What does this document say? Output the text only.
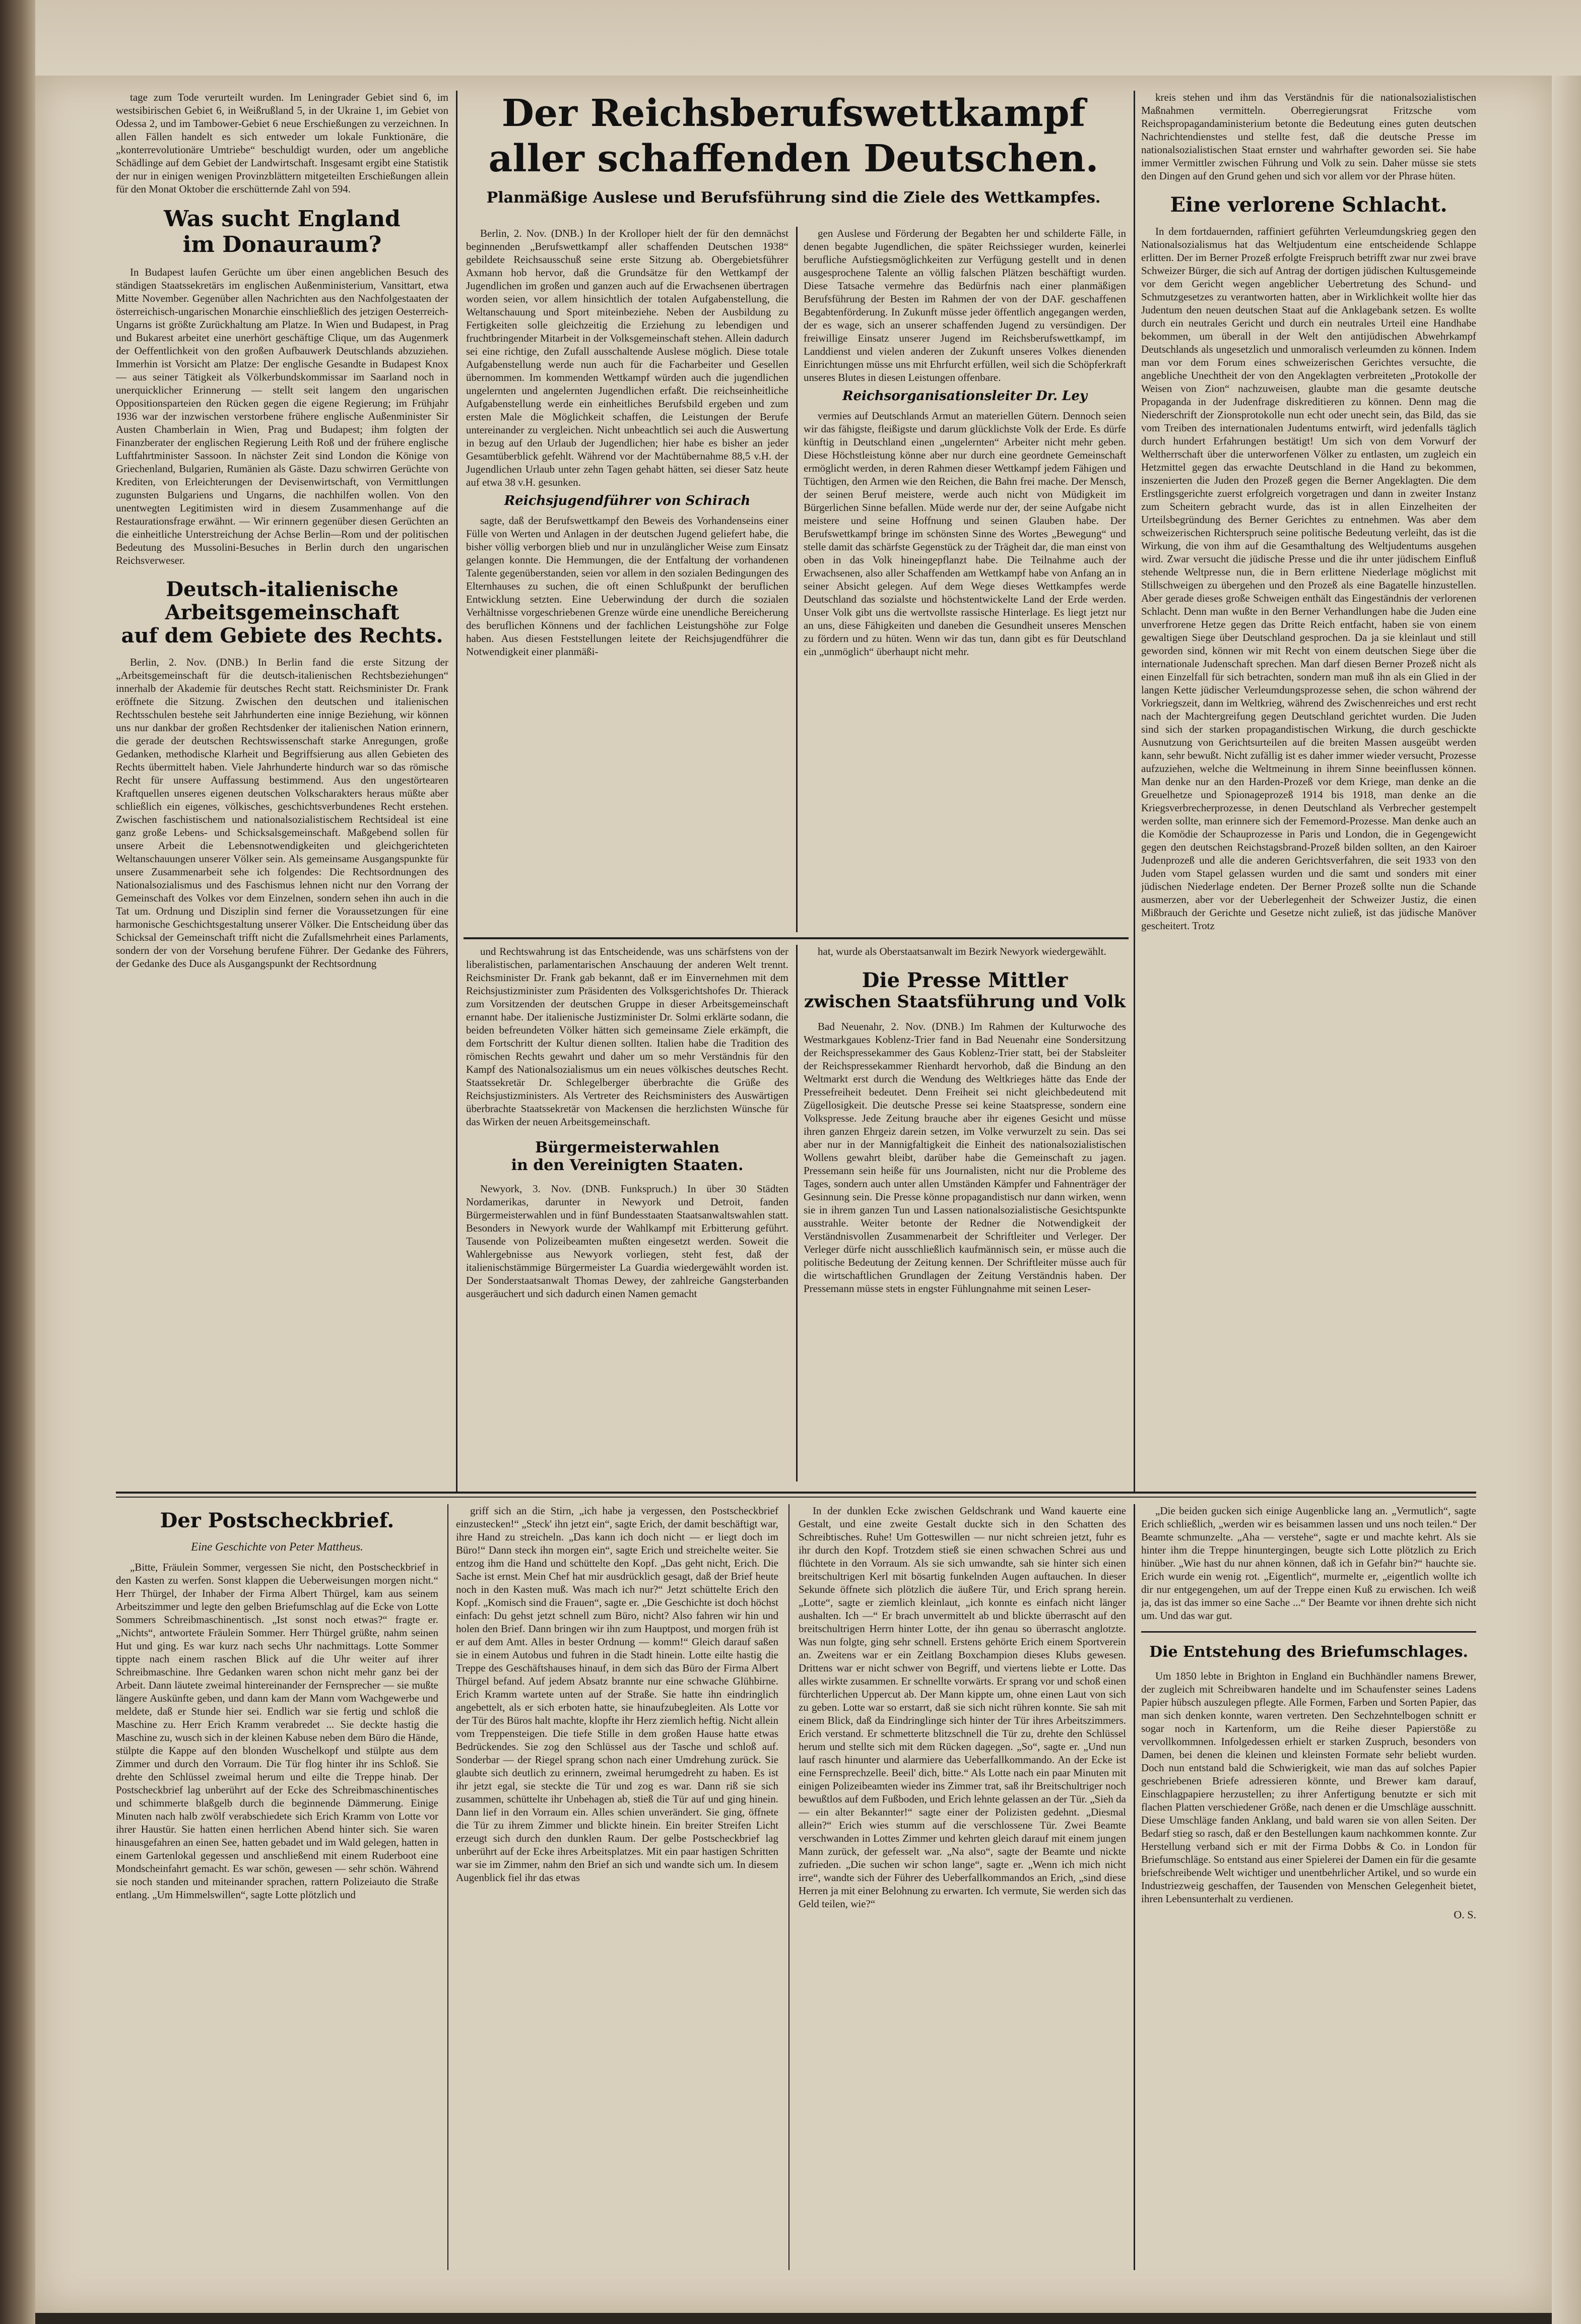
Der Reichsberufswettkampf
aller schaffenden Deutschen.
Planmäßige Auslese und Berufsführung sind die Ziele des Wettkampfes.

tage zum Tode verurteilt wurden. Im Leningrader Gebiet sind 6, im westsibirischen Gebiet 6, in Weißrußland 5, in der Ukraine 1, im Gebiet von Odessa 2, und im Tambower-Gebiet 6 neue Erschießungen zu verzeichnen. In allen Fällen handelt es sich entweder um lokale Funktionäre, die „konterrevolutionäre Umtriebe“ beschuldigt wurden, oder um angebliche Schädlinge auf dem Gebiet der Landwirtschaft. Insgesamt ergibt eine Statistik der nur in einigen wenigen Provinzblättern mitgeteilten Erschießungen allein für den Monat Oktober die erschütternde Zahl von 594.

Was sucht England
im Donauraum?

In Budapest laufen Gerüchte um über einen angeblichen Besuch des ständigen Staatssekretärs im englischen Außenministerium, Vansittart, etwa Mitte November. Gegenüber allen Nachrichten aus den Nachfolgestaaten der österreichisch-ungarischen Monarchie einschließlich des jetzigen Oesterreich-Ungarns ist größte Zurückhaltung am Platze. In Wien und Budapest, in Prag und Bukarest arbeitet eine unerhört geschäftige Clique, um das Augenmerk der Oeffentlichkeit von den großen Aufbauwerk Deutschlands abzuziehen. Immerhin ist Vorsicht am Platze: Der englische Gesandte in Budapest Knox — aus seiner Tätigkeit als Völkerbundskommissar im Saarland noch in unerquicklicher Erinnerung — stellt seit langem den ungarischen Oppositionsparteien den Rücken gegen die eigene Regierung; im Frühjahr 1936 war der inzwischen verstorbene frühere englische Außenminister Sir Austen Chamberlain in Wien, Prag und Budapest; ihm folgten der Finanzberater der englischen Regierung Leith Roß und der frühere englische Luftfahrtminister Sassoon. In nächster Zeit sind London die Könige von Griechenland, Bulgarien, Rumänien als Gäste. Dazu schwirren Gerüchte von Krediten, von Erleichterungen der Devisenwirtschaft, von Vermittlungen zugunsten Bulgariens und Ungarns, die nachhilfen wollen. Von den unentwegten Legitimisten wird in diesem Zusammenhange auf die Restaurationsfrage erwähnt. — Wir erinnern gegenüber diesen Gerüchten an die einheitliche Unterstreichung der Achse Berlin—Rom und der politischen Bedeutung des Mussolini-Besuches in Berlin durch den ungarischen Reichsverweser.

Deutsch-italienische
Arbeitsgemeinschaft
auf dem Gebiete des Rechts.

Berlin, 2. Nov. (DNB.) In Berlin fand die erste Sitzung der „Arbeitsgemeinschaft für die deutsch-italienischen Rechtsbeziehungen“ innerhalb der Akademie für deutsches Recht statt. Reichsminister Dr. Frank eröffnete die Sitzung. Zwischen den deutschen und italienischen Rechtsschulen bestehe seit Jahrhunderten eine innige Beziehung, wir können uns nur dankbar der großen Rechtsdenker der italienischen Nation erinnern, die gerade der deutschen Rechtswissenschaft starke Anregungen, große Gedanken, methodische Klarheit und Begriffsierung aus allen Gebieten des Rechts übermittelt haben. Viele Jahrhunderte hindurch war so das römische Recht für unsere Auffassung bestimmend. Aus den ungestörtearen Kraftquellen unseres eigenen deutschen Volkscharakters heraus müßte aber schließlich ein eigenes, völkisches, geschichtsverbundenes Recht erstehen. Zwischen faschistischem und nationalsozialistischem Rechtsideal ist eine ganz große Lebens- und Schicksalsgemeinschaft. Maßgebend sollen für unsere Arbeit die Lebensnotwendigkeiten und gleichgerichteten Weltanschauungen unserer Völker sein. Als gemeinsame Ausgangspunkte für unsere Zusammenarbeit sehe ich folgendes: Die Rechtsordnungen des Nationalsozialismus und des Faschismus lehnen nicht nur den Vorrang der Gemeinschaft des Volkes vor dem Einzelnen, sondern sehen ihn auch in die Tat um. Ordnung und Disziplin sind ferner die Voraussetzungen für eine harmonische Geschichtsgestaltung unserer Völker. Die Entscheidung über das Schicksal der Gemeinschaft trifft nicht die Zufallsmehrheit eines Parlaments, sondern der von der Vorsehung berufene Führer. Der Gedanke des Führers, der Gedanke des Duce als Ausgangspunkt der Rechtsordnung

Berlin, 2. Nov. (DNB.) In der Krolloper hielt der für den demnächst beginnenden „Berufswettkampf aller schaffenden Deutschen 1938“ gebildete Reichsausschuß seine erste Sitzung ab. Obergebietsführer Axmann hob hervor, daß die Grundsätze für den Wettkampf der Jugendlichen im großen und ganzen auch auf die Erwachsenen übertragen worden seien, vor allem hinsichtlich der totalen Aufgabenstellung, die Weltanschauung und Sport miteinbeziehe. Neben der Ausbildung zu Fertigkeiten solle gleichzeitig die Erziehung zu lebendigen und fruchtbringender Mitarbeit in der Volksgemeinschaft stehen. Allein dadurch sei eine richtige, den Zufall ausschaltende Auslese möglich. Diese totale Aufgabenstellung werde nun auch für die Facharbeiter und Gesellen übernommen. Im kommenden Wettkampf würden auch die jugendlichen ungelernten und angelernten Jugendlichen erfaßt. Die reichseinheitliche Aufgabenstellung werde ein einheitliches Berufsbild ergeben und zum ersten Male die Möglichkeit schaffen, die Leistungen der Berufe untereinander zu vergleichen. Nicht unbeachtlich sei auch die Auswertung in bezug auf den Urlaub der Jugendlichen; hier habe es bisher an jeder Gesamtüberblick gefehlt. Während vor der Machtübernahme 88,5 v.H. der Jugendlichen Urlaub unter zehn Tagen gehabt hätten, sei dieser Satz heute auf etwa 38 v.H. gesunken.

Reichsjugendführer von Schirach

sagte, daß der Berufswettkampf den Beweis des Vorhandenseins einer Fülle von Werten und Anlagen in der deutschen Jugend geliefert habe, die bisher völlig verborgen blieb und nur in unzulänglicher Weise zum Einsatz gelangen konnte. Die Hemmungen, die der Entfaltung der vorhandenen Talente gegenüberstanden, seien vor allem in den sozialen Bedingungen des Elternhauses zu suchen, die oft einen Schlußpunkt der beruflichen Entwicklung setzten. Eine Ueberwindung der durch die sozialen Verhältnisse vorgeschriebenen Grenze würde eine unendliche Bereicherung des beruflichen Könnens und der fachlichen Leistungshöhe zur Folge haben. Aus diesen Feststellungen leitete der Reichsjugendführer die Notwendigkeit einer planmäßi-

gen Auslese und Förderung der Begabten her und schilderte Fälle, in denen begabte Jugendlichen, die später Reichssieger wurden, keinerlei berufliche Aufstiegsmöglichkeiten zur Verfügung gestellt und in denen ausgesprochene Talente an völlig falschen Plätzen beschäftigt wurden. Diese Tatsache vermehre das Bedürfnis nach einer planmäßigen Berufsführung der Besten im Rahmen der von der DAF. geschaffenen Begabtenförderung. In Zukunft müsse jeder öffentlich angegangen werden, der es wage, sich an unserer schaffenden Jugend zu versündigen. Der freiwillige Einsatz unserer Jugend im Reichsberufswettkampf, im Landdienst und vielen anderen der Zukunft unseres Volkes dienenden Einrichtungen müsse uns mit Ehrfurcht erfüllen, weil sich die Schöpferkraft unseres Blutes in diesen Leistungen offenbare.

Reichsorganisationsleiter Dr. Ley

vermies auf Deutschlands Armut an materiellen Gütern. Dennoch seien wir das fähigste, fleißigste und darum glücklichste Volk der Erde. Es dürfe künftig in Deutschland einen „ungelernten“ Arbeiter nicht mehr geben. Diese Höchstleistung könne aber nur durch eine geordnete Gemeinschaft ermöglicht werden, in deren Rahmen dieser Wettkampf jedem Fähigen und Tüchtigen, den Armen wie den Reichen, die Bahn frei mache. Der Mensch, der seinen Beruf meistere, werde auch nicht von Müdigkeit im Bürgerlichen Sinne befallen. Müde werde nur der, der seine Aufgabe nicht meistere und seine Hoffnung und seinen Glauben habe. Der Berufswettkampf bringe im schönsten Sinne des Wortes „Bewegung“ und stelle damit das schärfste Gegenstück zu der Trägheit dar, die man einst von oben in das Volk hineingepflanzt habe. Die Teilnahme auch der Erwachsenen, also aller Schaffenden am Wettkampf habe von Anfang an in seiner Absicht gelegen. Auf dem Wege dieses Wettkampfes werde Deutschland das sozialste und höchstentwickelte Land der Erde werden. Unser Volk gibt uns die wertvollste rassische Hinterlage. Es liegt jetzt nur an uns, diese Fähigkeiten und daneben die Gesundheit unseres Menschen zu fördern und zu hüten. Wenn wir das tun, dann gibt es für Deutschland ein „unmöglich“ überhaupt nicht mehr.

und Rechtswahrung ist das Entscheidende, was uns schärfstens von der liberalistischen, parlamentarischen Anschauung der anderen Welt trennt. Reichsminister Dr. Frank gab bekannt, daß er im Einvernehmen mit dem Reichsjustizminister zum Präsidenten des Volksgerichtshofes Dr. Thierack zum Vorsitzenden der deutschen Gruppe in dieser Arbeitsgemeinschaft ernannt habe. Der italienische Justizminister Dr. Solmi erklärte sodann, die beiden befreundeten Völker hätten sich gemeinsame Ziele erkämpft, die dem Fortschritt der Kultur dienen sollten. Italien habe die Tradition des römischen Rechts gewahrt und daher um so mehr Verständnis für den Kampf des Nationalsozialismus um ein neues völkisches deutsches Recht. Staatssekretär Dr. Schlegelberger überbrachte die Grüße des Reichsjustizministers. Als Vertreter des Reichsministers des Auswärtigen überbrachte Staatssekretär von Mackensen die herzlichsten Wünsche für das Wirken der neuen Arbeitsgemeinschaft.

Bürgermeisterwahlen
in den Vereinigten Staaten.

Newyork, 3. Nov. (DNB. Funkspruch.) In über 30 Städten Nordamerikas, darunter in Newyork und Detroit, fanden Bürgermeisterwahlen und in fünf Bundesstaaten Staatsanwaltswahlen statt. Besonders in Newyork wurde der Wahlkampf mit Erbitterung geführt. Tausende von Polizeibeamten mußten eingesetzt werden. Soweit die Wahlergebnisse aus Newyork vorliegen, steht fest, daß der italienischstämmige Bürgermeister La Guardia wiedergewählt worden ist. Der Sonderstaatsanwalt Thomas Dewey, der zahlreiche Gangsterbanden ausgeräuchert und sich dadurch einen Namen gemacht

hat, wurde als Oberstaatsanwalt im Bezirk Newyork wiedergewählt.

Die Presse Mittler
zwischen Staatsführung und Volk

Bad Neuenahr, 2. Nov. (DNB.) Im Rahmen der Kulturwoche des Westmarkgaues Koblenz-Trier fand in Bad Neuenahr eine Sondersitzung der Reichspressekammer des Gaus Koblenz-Trier statt, bei der Stabsleiter der Reichspressekammer Rienhardt hervorhob, daß die Bindung an den Weltmarkt erst durch die Wendung des Weltkrieges hätte das Ende der Pressefreiheit bedeutet. Denn Freiheit sei nicht gleichbedeutend mit Zügellosigkeit. Die deutsche Presse sei keine Staatspresse, sondern eine Volkspresse. Jede Zeitung brauche aber ihr eigenes Gesicht und müsse ihren ganzen Ehrgeiz darein setzen, im Volke verwurzelt zu sein. Das sei aber nur in der Mannigfaltigkeit die Einheit des nationalsozialistischen Wollens gewahrt bleibt, darüber habe die Gemeinschaft zu jagen. Pressemann sein heiße für uns Journalisten, nicht nur die Probleme des Tages, sondern auch unter allen Umständen Kämpfer und Fahnenträger der Gesinnung sein. Die Presse könne propagandistisch nur dann wirken, wenn sie in ihrem ganzen Tun und Lassen nationalsozialistische Gesichtspunkte ausstrahle. Weiter betonte der Redner die Notwendigkeit der Verständnisvollen Zusammenarbeit der Schriftleiter und Verleger. Der Verleger dürfe nicht ausschließlich kaufmännisch sein, er müsse auch die politische Bedeutung der Zeitung kennen. Der Schriftleiter müsse auch für die wirtschaftlichen Grundlagen der Zeitung Verständnis haben. Der Pressemann müsse stets in engster Fühlungnahme mit seinen Leser-

kreis stehen und ihm das Verständnis für die nationalsozialistischen Maßnahmen vermitteln. Oberregierungsrat Fritzsche vom Reichspropagandaministerium betonte die Bedeutung eines guten deutschen Nachrichtendienstes und stellte fest, daß die deutsche Presse im nationalsozialistischen Staat ernster und wahrhafter geworden sei. Sie habe immer Vermittler zwischen Führung und Volk zu sein. Daher müsse sie stets den Dingen auf den Grund gehen und sich vor allem vor der Phrase hüten.

Eine verlorene Schlacht.

In dem fortdauernden, raffiniert geführten Verleumdungskrieg gegen den Nationalsozialismus hat das Weltjudentum eine entscheidende Schlappe erlitten. Der im Berner Prozeß erfolgte Freispruch betrifft zwar nur zwei brave Schweizer Bürger, die sich auf Antrag der dortigen jüdischen Kultusgemeinde vor dem Gericht wegen angeblicher Uebertretung des Schund- und Schmutzgesetzes zu verantworten hatten, aber in Wirklichkeit wollte hier das Judentum den neuen deutschen Staat auf die Anklagebank setzen. Es wollte durch ein neutrales Gericht und durch ein neutrales Urteil eine Handhabe bekommen, um überall in der Welt den antijüdischen Abwehrkampf Deutschlands als ungesetzlich und unmoralisch verleumden zu können. Indem man vor dem Forum eines schweizerischen Gerichtes versuchte, die angebliche Unechtheit der von den Angeklagten verbreiteten „Protokolle der Weisen von Zion“ nachzuweisen, glaubte man die gesamte deutsche Propaganda in der Judenfrage diskreditieren zu können. Denn mag die Niederschrift der Zionsprotokolle nun echt oder unecht sein, das Bild, das sie vom Treiben des internationalen Judentums entwirft, wird jedenfalls täglich durch hundert Erfahrungen bestätigt! Um sich von dem Vorwurf der Weltherrschaft über die unterworfenen Völker zu entlasten, um zugleich ein Hetzmittel gegen das erwachte Deutschland in die Hand zu bekommen, inszenierten die Juden den Prozeß gegen die Berner Angeklagten. Die dem Erstlingsgerichte zuerst erfolgreich vorgetragen und dann in zweiter Instanz zum Scheitern gebracht wurde, das ist in allen Einzelheiten der Urteilsbegründung des Berner Gerichtes zu entnehmen. Was aber dem schweizerischen Richterspruch seine politische Bedeutung verleiht, das ist die Wirkung, die von ihm auf die Gesamthaltung des Weltjudentums ausgehen wird. Zwar versucht die jüdische Presse und die ihr unter jüdischem Einfluß stehende Weltpresse nun, die in Bern erlittene Niederlage möglichst mit Stillschweigen zu übergehen und den Prozeß als eine Bagatelle hinzustellen. Aber gerade dieses große Schweigen enthält das Eingeständnis der verlorenen Schlacht. Denn man wußte in den Berner Verhandlungen habe die Juden eine unverfrorene Hetze gegen das Dritte Reich entfacht, haben sie von einem gewaltigen Siege über Deutschland gesprochen. Da ja sie kleinlaut und still geworden sind, können wir mit Recht von einem deutschen Siege über die internationale Judenschaft sprechen. Man darf diesen Berner Prozeß nicht als einen Einzelfall für sich betrachten, sondern man muß ihn als ein Glied in der langen Kette jüdischer Verleumdungsprozesse sehen, die schon während der Vorkriegszeit, dann im Weltkrieg, während des Zwischenreiches und erst recht nach der Machtergreifung gegen Deutschland gerichtet wurden. Die Juden sind sich der starken propagandistischen Wirkung, die durch geschickte Ausnutzung von Gerichtsurteilen auf die breiten Massen ausgeübt werden kann, sehr bewußt. Nicht zufällig ist es daher immer wieder versucht, Prozesse aufzuziehen, welche die Weltmeinung in ihrem Sinne beeinflussen können. Man denke nur an den Harden-Prozeß vor dem Kriege, man denke an die Greuelhetze und Spionageprozeß 1914 bis 1918, man denke an die Kriegsverbrecherprozesse, in denen Deutschland als Verbrecher gestempelt werden sollte, man erinnere sich der Fememord-Prozesse. Man denke auch an die Komödie der Schauprozesse in Paris und London, die in Gegengewicht gegen den deutschen Reichstagsbrand-Prozeß bilden sollten, an den Kairoer Judenprozeß und alle die anderen Gerichtsverfahren, die seit 1933 von den Juden vom Stapel gelassen wurden und die samt und sonders mit einer jüdischen Niederlage endeten. Der Berner Prozeß sollte nun die Schande ausmerzen, aber vor der Ueberlegenheit der Schweizer Justiz, die einen Mißbrauch der Gerichte und Gesetze nicht zuließ, ist das jüdische Manöver gescheitert. Trotz

Der Postscheckbrief.
Eine Geschichte von Peter Mattheus.

„Bitte, Fräulein Sommer, vergessen Sie nicht, den Postscheckbrief in den Kasten zu werfen. Sonst klappen die Ueberweisungen morgen nicht.“ Herr Thürgel, der Inhaber der Firma Albert Thürgel, kam aus seinem Arbeitszimmer und legte den gelben Briefumschlag auf die Ecke von Lotte Sommers Schreibmaschinentisch. „Ist sonst noch etwas?“ fragte er. „Nichts“, antwortete Fräulein Sommer. Herr Thürgel grüßte, nahm seinen Hut und ging. Es war kurz nach sechs Uhr nachmittags. Lotte Sommer tippte nach einem raschen Blick auf die Uhr weiter auf ihrer Schreibmaschine. Ihre Gedanken waren schon nicht mehr ganz bei der Arbeit. Dann läutete zweimal hintereinander der Fernsprecher — sie mußte längere Auskünfte geben, und dann kam der Mann vom Wachgewerbe und meldete, daß er Stunde hier sei. Endlich war sie fertig und schloß die Maschine zu. Herr Erich Kramm verabredet ... Sie deckte hastig die Maschine zu, wusch sich in der kleinen Kabuse neben dem Büro die Hände, stülpte die Kappe auf den blonden Wuschelkopf und stülpte aus dem Zimmer und durch den Vorraum. Die Tür flog hinter ihr ins Schloß. Sie drehte den Schlüssel zweimal herum und eilte die Treppe hinab. Der Postscheckbrief lag unberührt auf der Ecke des Schreibmaschinentisches und schimmerte blaßgelb durch die beginnende Dämmerung. Einige Minuten nach halb zwölf verabschiedete sich Erich Kramm von Lotte vor ihrer Haustür. Sie hatten einen herrlichen Abend hinter sich. Sie waren hinausgefahren an einen See, hatten gebadet und im Wald gelegen, hatten in einem Gartenlokal gegessen und anschließend mit einem Ruderboot eine Mondscheinfahrt gemacht. Es war schön, gewesen — sehr schön. Während sie noch standen und miteinander sprachen, rattern Polizeiauto die Straße entlang. „Um Himmelswillen“, sagte Lotte plötzlich und

griff sich an die Stirn, „ich habe ja vergessen, den Postscheckbrief einzustecken!“ „Steck' ihn jetzt ein“, sagte Erich, der damit beschäftigt war, ihre Hand zu streicheln. „Das kann ich doch nicht — er liegt doch im Büro!“ Dann steck ihn morgen ein“, sagte Erich und streichelte weiter. Sie entzog ihm die Hand und schüttelte den Kopf. „Das geht nicht, Erich. Die Sache ist ernst. Mein Chef hat mir ausdrücklich gesagt, daß der Brief heute noch in den Kasten muß. Was mach ich nur?“ Jetzt schüttelte Erich den Kopf. „Komisch sind die Frauen“, sagte er. „Die Geschichte ist doch höchst einfach: Du gehst jetzt schnell zum Büro, nicht? Also fahren wir hin und holen den Brief. Dann bringen wir ihn zum Hauptpost, und morgen früh ist er auf dem Amt. Alles in bester Ordnung — komm!“ Gleich darauf saßen sie in einem Autobus und fuhren in die Stadt hinein. Lotte eilte hastig die Treppe des Geschäftshauses hinauf, in dem sich das Büro der Firma Albert Thürgel befand. Auf jedem Absatz brannte nur eine schwache Glühbirne. Erich Kramm wartete unten auf der Straße. Sie hatte ihn eindringlich angebettelt, als er sich erboten hatte, sie hinaufzubegleiten. Als Lotte vor der Tür des Büros halt machte, klopfte ihr Herz ziemlich heftig. Nicht allein vom Treppensteigen. Die tiefe Stille in dem großen Hause hatte etwas Bedrückendes. Sie zog den Schlüssel aus der Tasche und schloß auf. Sonderbar — der Riegel sprang schon nach einer Umdrehung zurück. Sie glaubte sich deutlich zu erinnern, zweimal herumgedreht zu haben. Es ist ihr jetzt egal, sie steckte die Tür und zog es war. Dann riß sie sich zusammen, schüttelte ihr Unbehagen ab, stieß die Tür auf und ging hinein. Dann lief in den Vorraum ein. Alles schien unverändert. Sie ging, öffnete die Tür zu ihrem Zimmer und blickte hinein. Ein breiter Streifen Licht erzeugt sich durch den dunklen Raum. Der gelbe Postscheckbrief lag unberührt auf der Ecke ihres Arbeitsplatzes. Mit ein paar hastigen Schritten war sie im Zimmer, nahm den Brief an sich und wandte sich um. In diesem Augenblick fiel ihr das etwas

In der dunklen Ecke zwischen Geldschrank und Wand kauerte eine Gestalt, und eine zweite Gestalt duckte sich in den Schatten des Schreibtisches. Ruhe! Um Gotteswillen — nur nicht schreien jetzt, fuhr es ihr durch den Kopf. Trotzdem stieß sie einen schwachen Schrei aus und flüchtete in den Vorraum. Als sie sich umwandte, sah sie hinter sich einen breitschultrigen Kerl mit bösartig funkelnden Augen auftauchen. In dieser Sekunde öffnete sich plötzlich die äußere Tür, und Erich sprang herein. „Lotte“, sagte er ziemlich kleinlaut, „ich konnte es einfach nicht länger aushalten. Ich —“ Er brach unvermittelt ab und blickte überrascht auf den breitschultrigen Herrn hinter Lotte, der ihn genau so überrascht anglotzte. Was nun folgte, ging sehr schnell. Erstens gehörte Erich einem Sportverein an. Zweitens war er ein Zeitlang Boxchampion dieses Klubs gewesen. Drittens war er nicht schwer von Begriff, und viertens liebte er Lotte. Das alles wirkte zusammen. Er schnellte vorwärts. Er sprang vor und schoß einen fürchterlichen Uppercut ab. Der Mann kippte um, ohne einen Laut von sich zu geben. Lotte war so erstarrt, daß sie sich nicht rühren konnte. Sie sah mit einem Blick, daß da Eindringlinge sich hinter der Tür ihres Arbeitszimmers. Erich verstand. Er schmetterte blitzschnell die Tür zu, drehte den Schlüssel herum und stellte sich mit dem Rücken dagegen. „So“, sagte er. „Und nun lauf rasch hinunter und alarmiere das Ueberfallkommando. An der Ecke ist eine Fernsprechzelle. Beeil' dich, bitte.“ Als Lotte nach ein paar Minuten mit einigen Polizeibeamten wieder ins Zimmer trat, saß ihr Breitschultriger noch bewußtlos auf dem Fußboden, und Erich lehnte gelassen an der Tür. „Sieh da — ein alter Bekannter!“ sagte einer der Polizisten gedehnt. „Diesmal allein?“ Erich wies stumm auf die verschlossene Tür. Zwei Beamte verschwanden in Lottes Zimmer und kehrten gleich darauf mit einem jungen Mann zurück, der gefesselt war. „Na also“, sagte der Beamte und nickte zufrieden. „Die suchen wir schon lange“, sagte er. „Wenn ich mich nicht irre“, wandte sich der Führer des Ueberfallkommandos an Erich, „sind diese Herren ja mit einer Belohnung zu erwarten. Ich vermute, Sie werden sich das Geld teilen, wie?“

„Die beiden gucken sich einige Augenblicke lang an. „Vermutlich“, sagte Erich schließlich, „werden wir es beisammen lassen und uns noch teilen.“ Der Beamte schmunzelte. „Aha — verstehe“, sagte er und machte kehrt. Als sie hinter ihm die Treppe hinuntergingen, beugte sich Lotte plötzlich zu Erich hinüber. „Wie hast du nur ahnen können, daß ich in Gefahr bin?“ hauchte sie. Erich wurde ein wenig rot. „Eigentlich“, murmelte er, „eigentlich wollte ich dir nur entgegengehen, um auf der Treppe einen Kuß zu erwischen. Ich weiß ja, das ist das immer so eine Sache ...“ Der Beamte vor ihnen drehte sich nicht um. Und das war gut.

Die Entstehung des Briefumschlages.

Um 1850 lebte in Brighton in England ein Buchhändler namens Brewer, der zugleich mit Schreibwaren handelte und im Schaufenster seines Ladens Papier hübsch auszulegen pflegte. Alle Formen, Farben und Sorten Papier, das man sich denken konnte, waren vertreten. Den Sechzehntelbogen schnitt er sogar noch in Kartenform, um die Reihe dieser Papierstöße zu vervollkommnen. Infolgedessen erhielt er starken Zuspruch, besonders von Damen, bei denen die kleinen und kleinsten Formate sehr beliebt wurden. Doch nun entstand bald die Schwierigkeit, wie man das auf solches Papier geschriebenen Briefe adressieren könnte, und Brewer kam darauf, Einschlagpapiere herzustellen; zu ihrer Anfertigung benutzte er sich mit flachen Platten verschiedener Größe, nach denen er die Umschläge ausschnitt. Diese Umschläge fanden Anklang, und bald waren sie von allen Seiten. Der Bedarf stieg so rasch, daß er den Bestellungen kaum nachkommen konnte. Zur Herstellung verband sich er mit der Firma Dobbs & Co. in London für Briefumschläge. So entstand aus einer Spielerei der Damen ein für die gesamte briefschreibende Welt wichtiger und unentbehrlicher Artikel, und so wurde ein Industriezweig geschaffen, der Tausenden von Menschen Gelegenheit bietet, ihren Lebensunterhalt zu verdienen.

O. S.
